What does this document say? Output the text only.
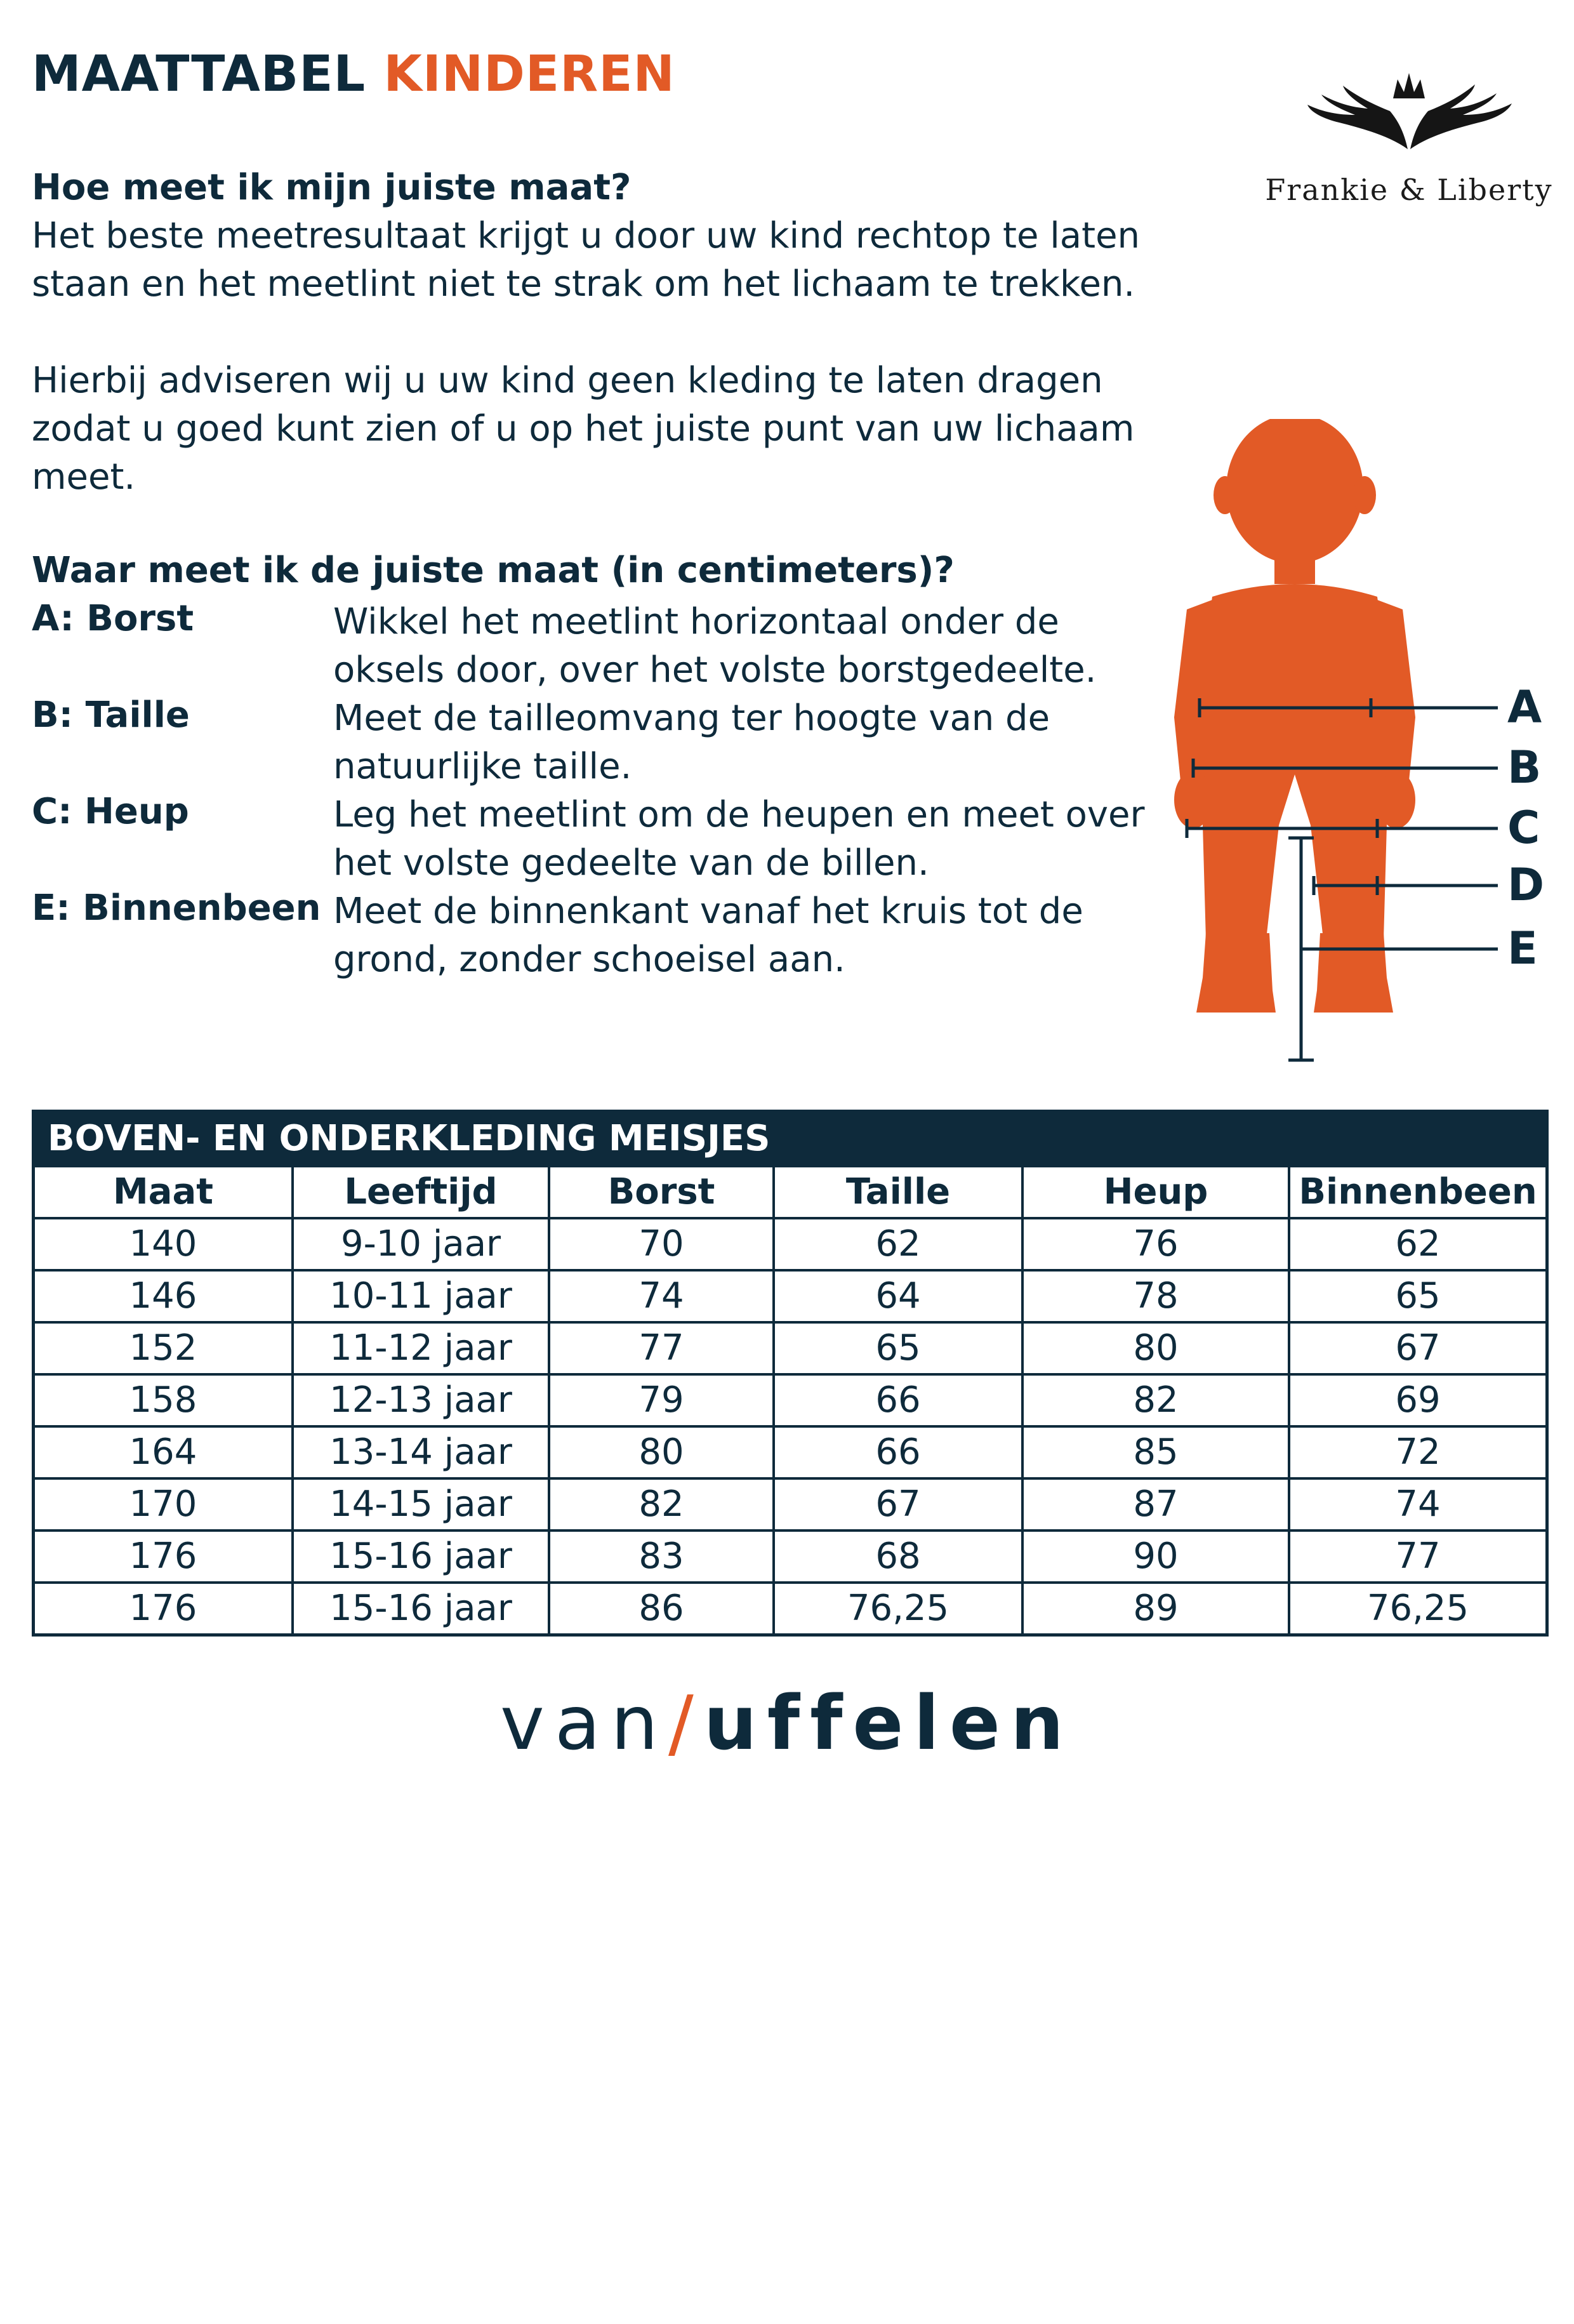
MAATTABEL KINDEREN
Frankie & Liberty
Hoe meet ik mijn juiste maat?
Het beste meetresultaat krijgt u door uw kind rechtop te laten staan en het meetlint niet te strak om het lichaam te trekken.
Hierbij adviseren wij u uw kind geen kleding te laten dragen zodat u goed kunt zien of u op het juiste punt van uw lichaam meet.
Waar meet ik de juiste maat (in centimeters)?
A: Borst	Wikkel het meetlint horizontaal onder de oksels door, over het volste borstgedeelte.
B: Taille	Meet de tailleomvang ter hoogte van de natuurlijke taille.
C: Heup	Leg het meetlint om de heupen en meet over het volste gedeelte van de billen.
E: Binnenbeen Meet de binnenkant vanaf het kruis tot de grond, zonder schoeisel aan.
A
B
C
D
E
BOVEN- EN ONDERKLEDING MEISJES
Maat	Leeftijd	Borst	Taille	Heup	Binnenbeen
140	9-10 jaar	70	62	76	62
146	10-11 jaar	74	64	78	65
152	11-12 jaar	77	65	80	67
158	12-13 jaar	79	66	82	69
164	13-14 jaar	80	66	85	72
170	14-15 jaar	82	67	87	74
176	15-16 jaar	83	68	90	77
176	15-16 jaar	86	76,25	89	76,25
van/uffelen
